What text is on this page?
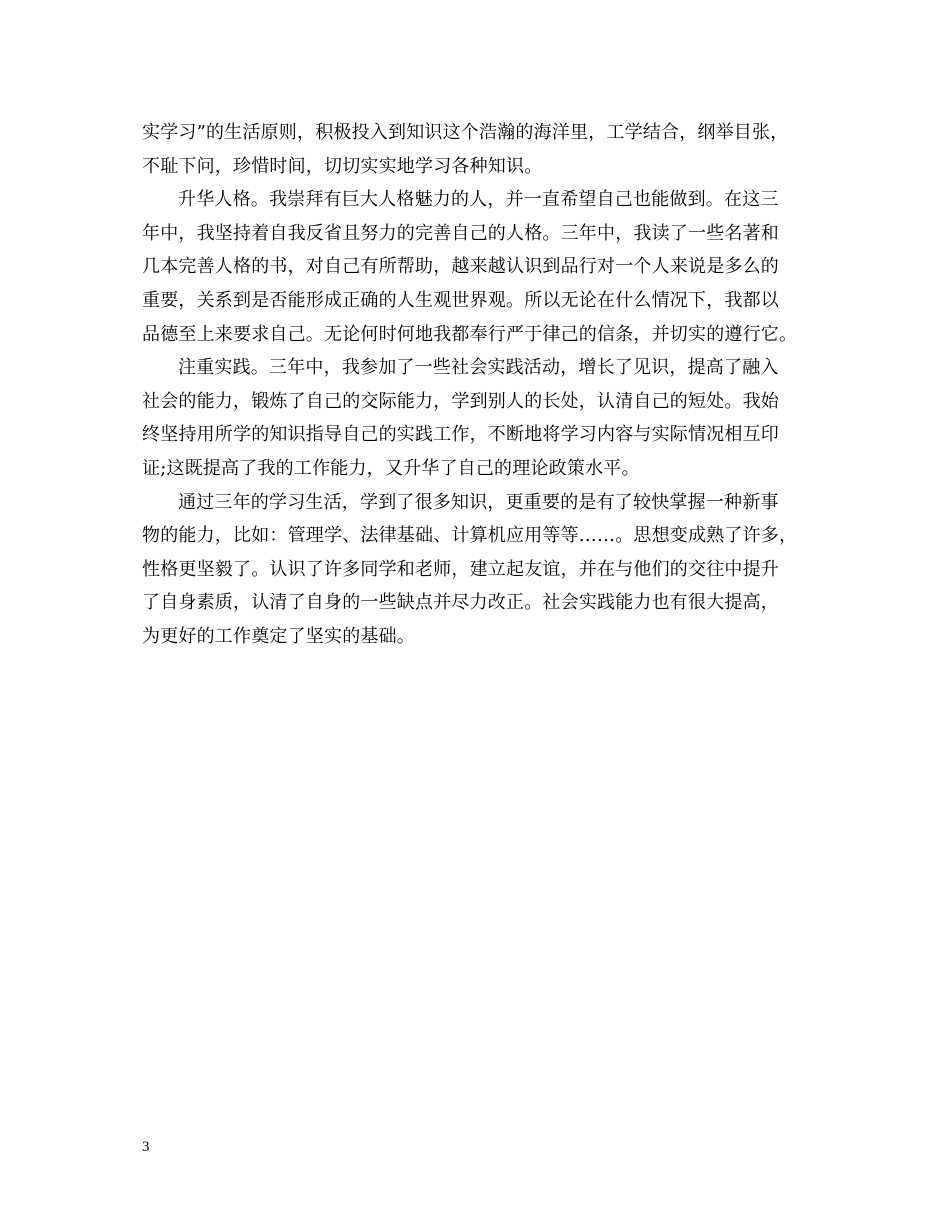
实学习”的生活原则，积极投入到知识这个浩瀚的海洋里，工学结合，纲举目张，
不耻下问，珍惜时间，切切实实地学习各种知识。
升华人格。我崇拜有巨大人格魅力的人，并一直希望自己也能做到。在这三
年中，我坚持着自我反省且努力的完善自己的人格。三年中，我读了一些名著和
几本完善人格的书，对自己有所帮助，越来越认识到品行对一个人来说是多么的
重要，关系到是否能形成正确的人生观世界观。所以无论在什么情况下，我都以
品德至上来要求自己。无论何时何地我都奉行严于律己的信条，并切实的遵行它。
注重实践。三年中，我参加了一些社会实践活动，增长了见识，提高了融入
社会的能力，锻炼了自己的交际能力，学到别人的长处，认清自己的短处。我始
终坚持用所学的知识指导自己的实践工作，不断地将学习内容与实际情况相互印
证;这既提高了我的工作能力，又升华了自己的理论政策水平。
通过三年的学习生活，学到了很多知识，更重要的是有了较快掌握一种新事
物的能力，比如：管理学、法律基础、计算机应用等等……。思想变成熟了许多，
性格更坚毅了。认识了许多同学和老师，建立起友谊，并在与他们的交往中提升
了自身素质，认清了自身的一些缺点并尽力改正。社会实践能力也有很大提高，
为更好的工作奠定了坚实的基础。
3
